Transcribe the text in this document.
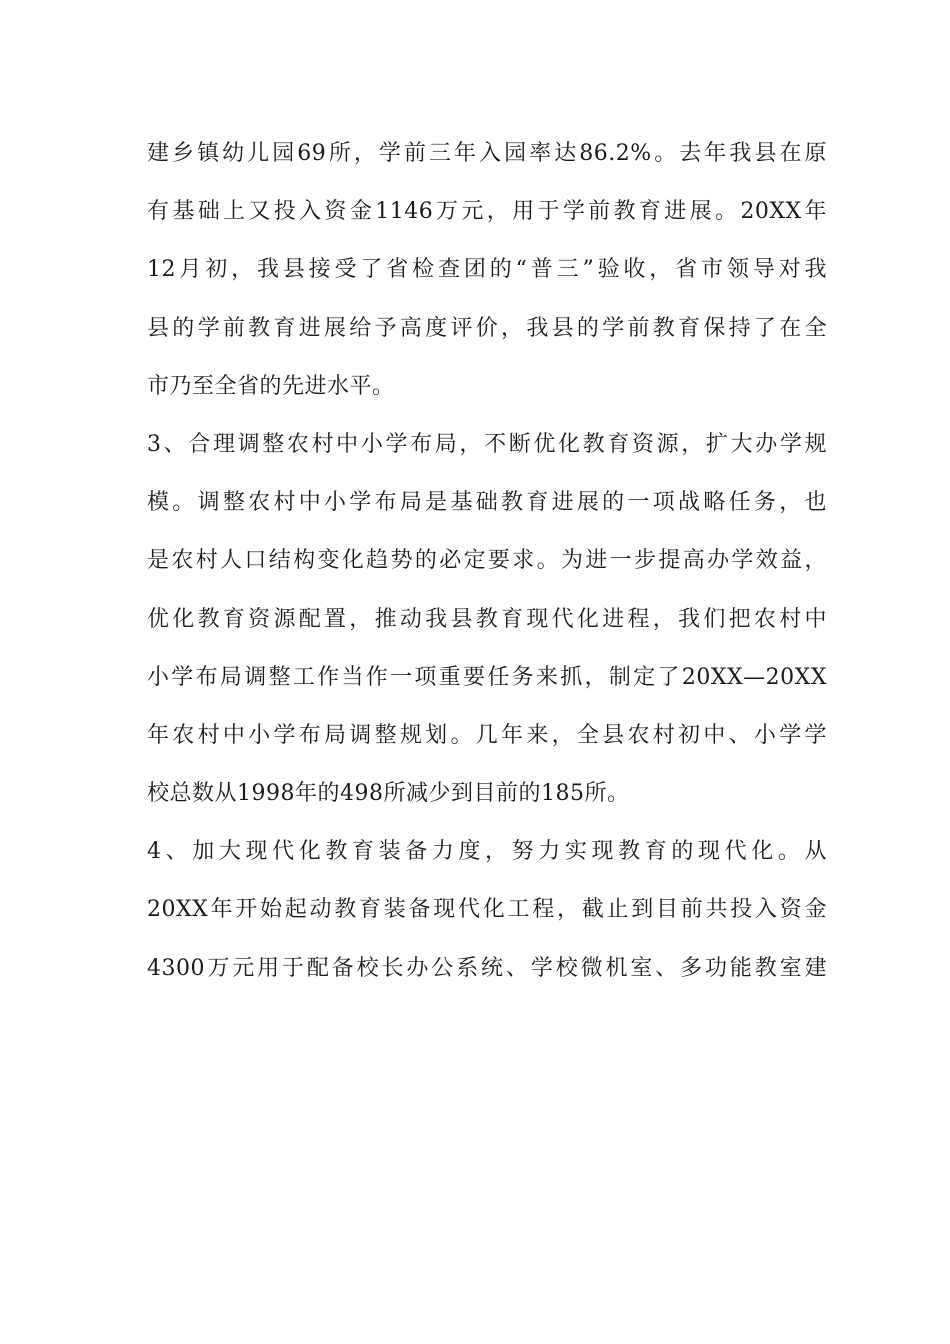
建乡镇幼儿园69所，学前三年入园率达86.2%。去年我县在原
有基础上又投入资金1146万元，用于学前教育进展。20XX年
12月初，我县接受了省检查团的“普三”验收，省市领导对我
县的学前教育进展给予高度评价，我县的学前教育保持了在全
市乃至全省的先进水平。
3、合理调整农村中小学布局，不断优化教育资源，扩大办学规
模。调整农村中小学布局是基础教育进展的一项战略任务，也
是农村人口结构变化趋势的必定要求。为进一步提高办学效益，
优化教育资源配置，推动我县教育现代化进程，我们把农村中
小学布局调整工作当作一项重要任务来抓，制定了20XX—20XX
年农村中小学布局调整规划。几年来，全县农村初中、小学学
校总数从1998年的498所减少到目前的185所。
4、加大现代化教育装备力度，努力实现教育的现代化。从
20XX年开始起动教育装备现代化工程，截止到目前共投入资金
4300万元用于配备校长办公系统、学校微机室、多功能教室建
